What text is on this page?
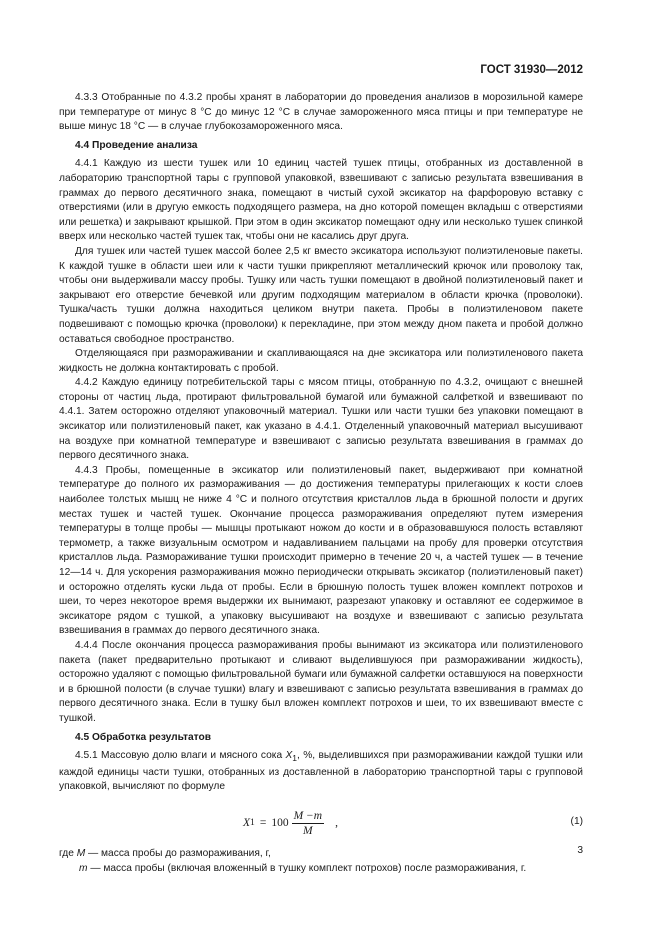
ГОСТ 31930—2012

4.3.3 Отобранные по 4.3.2 пробы хранят в лаборатории до проведения анализов в морозильной камере при температуре от минус 8 °С до минус 12 °С в случае замороженного мяса птицы и при температуре не выше минус 18 °С — в случае глубокозамороженного мяса.

4.4 Проведение анализа

4.4.1 Каждую из шести тушек или 10 единиц частей тушек птицы, отобранных из доставленной в лабораторию транспортной тары с групповой упаковкой, взвешивают с записью результата взвешивания в граммах до первого десятичного знака, помещают в чистый сухой эксикатор на фарфоровую вставку с отверстиями (или в другую емкость подходящего размера, на дно которой помещен вкладыш с отверстиями или решетка) и закрывают крышкой. При этом в один эксикатор помещают одну или несколько тушек спинкой вверх или несколько частей тушек так, чтобы они не касались друг друга.

Для тушек или частей тушек массой более 2,5 кг вместо эксикатора используют полиэтиленовые пакеты. К каждой тушке в области шеи или к части тушки прикрепляют металлический крючок или проволоку так, чтобы они выдерживали массу пробы. Тушку или часть тушки помещают в двойной полиэтиленовый пакет и закрывают его отверстие бечевкой или другим подходящим материалом в области крючка (проволоки). Тушка/часть тушки должна находиться целиком внутри пакета. Пробы в полиэтиленовом пакете подвешивают с помощью крючка (проволоки) к перекладине, при этом между дном пакета и пробой должно оставаться свободное пространство.

Отделяющаяся при размораживании и скапливающаяся на дне эксикатора или полиэтиленового пакета жидкость не должна контактировать с пробой.

4.4.2 Каждую единицу потребительской тары с мясом птицы, отобранную по 4.3.2, очищают с внешней стороны от частиц льда, протирают фильтровальной бумагой или бумажной салфеткой и взвешивают по 4.4.1. Затем осторожно отделяют упаковочный материал. Тушки или части тушки без упаковки помещают в эксикатор или полиэтиленовый пакет, как указано в 4.4.1. Отделенный упаковочный материал высушивают на воздухе при комнатной температуре и взвешивают с записью результата взвешивания в граммах до первого десятичного знака.

4.4.3 Пробы, помещенные в эксикатор или полиэтиленовый пакет, выдерживают при комнатной температуре до полного их размораживания — до достижения температуры прилегающих к кости слоев наиболее толстых мышц не ниже 4 °С и полного отсутствия кристаллов льда в брюшной полости и других местах тушек и частей тушек. Окончание процесса размораживания определяют путем измерения температуры в толще пробы — мышцы протыкают ножом до кости и в образовавшуюся полость вставляют термометр, а также визуальным осмотром и надавливанием пальцами на пробу для проверки отсутствия кристаллов льда. Размораживание тушки происходит примерно в течение 20 ч, а частей тушек — в течение 12—14 ч. Для ускорения размораживания можно периодически открывать эксикатор (полиэтиленовый пакет) и осторожно отделять куски льда от пробы. Если в брюшную полость тушек вложен комплект потрохов и шеи, то через некоторое время выдержки их вынимают, разрезают упаковку и оставляют ее содержимое в эксикаторе рядом с тушкой, а упаковку высушивают на воздухе и взвешивают с записью результата взвешивания в граммах до первого десятичного знака.

4.4.4 После окончания процесса размораживания пробы вынимают из эксикатора или полиэтиленового пакета (пакет предварительно протыкают и сливают выделившуюся при размораживании жидкость), осторожно удаляют с помощью фильтровальной бумаги или бумажной салфетки оставшуюся на поверхности и в брюшной полости (в случае тушки) влагу и взвешивают с записью результата взвешивания в граммах до первого десятичного знака. Если в тушку был вложен комплект потрохов и шеи, то их взвешивают вместе с тушкой.

4.5 Обработка результатов

4.5.1 Массовую долю влаги и мясного сока $X_1$, %, выделившихся при размораживании каждой тушки или каждой единицы части тушки, отобранных из доставленной в лабораторию транспортной тары с групповой упаковкой, вычисляют по формуле

X $1 = 100 \frac{M -m}{M}$ ,	(1)

где M — масса пробы до размораживания, г,

m — масса пробы (включая вложенный в тушку комплект потрохов) после размораживания, г.

3
